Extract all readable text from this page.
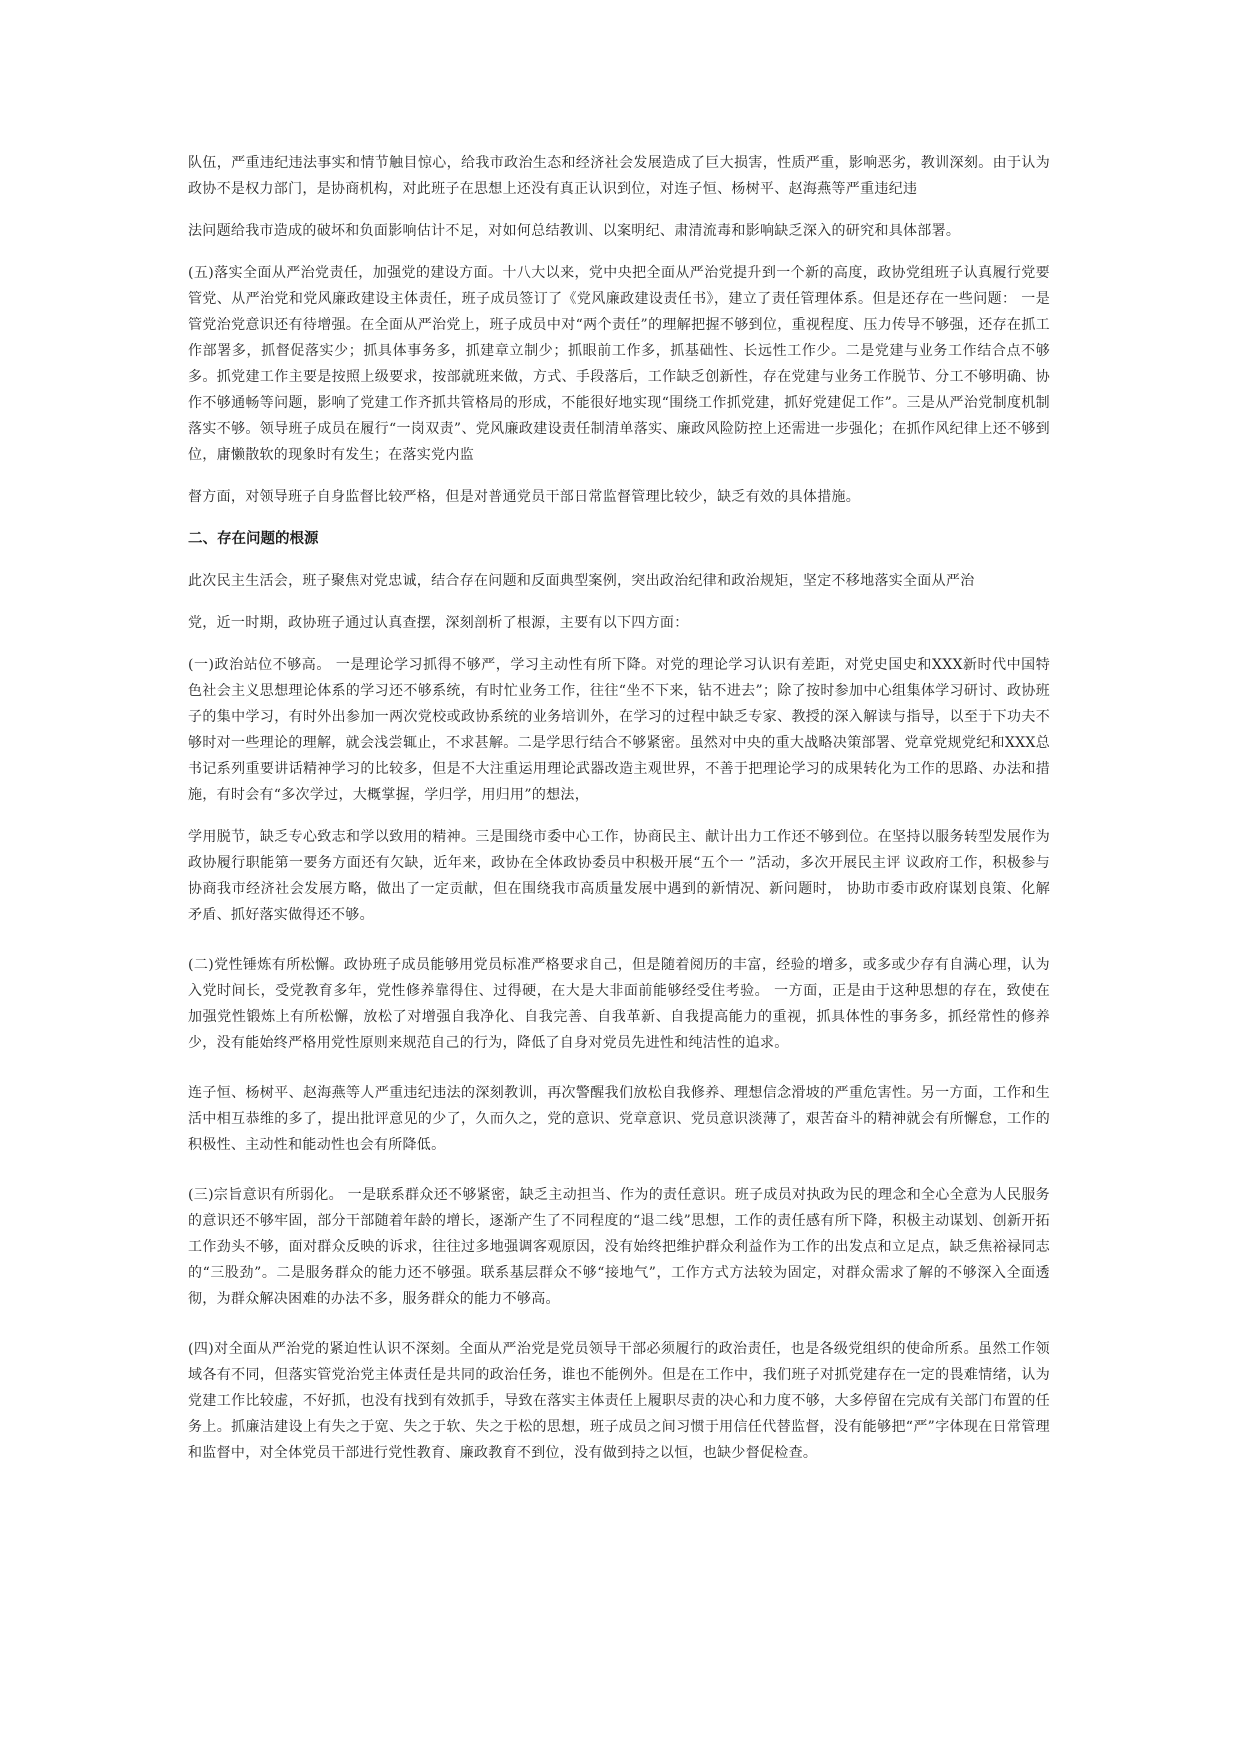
队伍，严重违纪违法事实和情节触目惊心，给我市政治生态和经济社会发展造成了巨大损害，性质严重，影响恶劣，教训深刻。由于认为政协不是权力部门，是协商机构，对此班子在思想上还没有真正认识到位，对连子恒、杨树平、赵海燕等严重违纪违

法问题给我市造成的破坏和负面影响估计不足，对如何总结教训、以案明纪、肃清流毒和影响缺乏深入的研究和具体部署。

(五)落实全面从严治党责任，加强党的建设方面。十八大以来，党中央把全面从严治党提升到一个新的高度，政协党组班子认真履行党要管党、从严治党和党风廉政建设主体责任，班子成员签订了《党风廉政建设责任书》，建立了责任管理体系。但是还存在一些问题： 一是管党治党意识还有待增强。在全面从严治党上，班子成员中对“两个责任”的理解把握不够到位，重视程度、压力传导不够强，还存在抓工作部署多，抓督促落实少；抓具体事务多，抓建章立制少；抓眼前工作多，抓基础性、长远性工作少。二是党建与业务工作结合点不够多。抓党建工作主要是按照上级要求，按部就班来做，方式、手段落后，工作缺乏创新性，存在党建与业务工作脱节、分工不够明确、协作不够通畅等问题，影响了党建工作齐抓共管格局的形成，不能很好地实现“围绕工作抓党建，抓好党建促工作”。三是从严治党制度机制落实不够。领导班子成员在履行“一岗双责”、党风廉政建设责任制清单落实、廉政风险防控上还需进一步强化；在抓作风纪律上还不够到位，庸懒散软的现象时有发生；在落实党内监

督方面，对领导班子自身监督比较严格，但是对普通党员干部日常监督管理比较少，缺乏有效的具体措施。

二、存在问题的根源

此次民主生活会，班子聚焦对党忠诚，结合存在问题和反面典型案例，突出政治纪律和政治规矩，坚定不移地落实全面从严治

党，近一时期，政协班子通过认真查摆，深刻剖析了根源，主要有以下四方面：

(一)政治站位不够高。 一是理论学习抓得不够严，学习主动性有所下降。对党的理论学习认识有差距，对党史国史和XXX新时代中国特色社会主义思想理论体系的学习还不够系统，有时忙业务工作，往往“坐不下来，钻不进去”；除了按时参加中心组集体学习研讨、政协班子的集中学习，有时外出参加一两次党校或政协系统的业务培训外，在学习的过程中缺乏专家、教授的深入解读与指导，以至于下功夫不够时对一些理论的理解，就会浅尝辄止，不求甚解。二是学思行结合不够紧密。虽然对中央的重大战略决策部署、党章党规党纪和XXX总书记系列重要讲话精神学习的比较多，但是不大注重运用理论武器改造主观世界，不善于把理论学习的成果转化为工作的思路、办法和措施，有时会有“多次学过，大概掌握，学归学，用归用”的想法，

学用脱节，缺乏专心致志和学以致用的精神。三是围绕市委中心工作，协商民主、献计出力工作还不够到位。在坚持以服务转型发展作为政协履行职能第一要务方面还有欠缺，近年来，政协在全体政协委员中积极开展“五个一 ”活动，多次开展民主评 议政府工作，积极参与协商我市经济社会发展方略，做出了一定贡献，但在围绕我市高质量发展中遇到的新情况、新问题时， 协助市委市政府谋划良策、化解矛盾、抓好落实做得还不够。

(二)党性锤炼有所松懈。政协班子成员能够用党员标准严格要求自己，但是随着阅历的丰富，经验的增多，或多或少存有自满心理，认为入党时间长，受党教育多年，党性修养靠得住、过得硬，在大是大非面前能够经受住考验。 一方面，正是由于这种思想的存在，致使在加强党性锻炼上有所松懈，放松了对增强自我净化、自我完善、自我革新、自我提高能力的重视，抓具体性的事务多，抓经常性的修养少，没有能始终严格用党性原则来规范自己的行为，降低了自身对党员先进性和纯洁性的追求。

连子恒、杨树平、赵海燕等人严重违纪违法的深刻教训，再次警醒我们放松自我修养、理想信念滑坡的严重危害性。另一方面，工作和生活中相互恭维的多了，提出批评意见的少了，久而久之，党的意识、党章意识、党员意识淡薄了，艰苦奋斗的精神就会有所懈怠，工作的积极性、主动性和能动性也会有所降低。

(三)宗旨意识有所弱化。 一是联系群众还不够紧密，缺乏主动担当、作为的责任意识。班子成员对执政为民的理念和全心全意为人民服务的意识还不够牢固，部分干部随着年龄的增长，逐渐产生了不同程度的“退二线”思想，工作的责任感有所下降，积极主动谋划、创新开拓工作劲头不够，面对群众反映的诉求，往往过多地强调客观原因，没有始终把维护群众利益作为工作的出发点和立足点，缺乏焦裕禄同志的“三股劲”。二是服务群众的能力还不够强。联系基层群众不够“接地气”，工作方式方法较为固定，对群众需求了解的不够深入全面透彻，为群众解决困难的办法不多，服务群众的能力不够高。

(四)对全面从严治党的紧迫性认识不深刻。全面从严治党是党员领导干部必须履行的政治责任，也是各级党组织的使命所系。虽然工作领域各有不同，但落实管党治党主体责任是共同的政治任务，谁也不能例外。但是在工作中，我们班子对抓党建存在一定的畏难情绪，认为党建工作比较虚，不好抓，也没有找到有效抓手，导致在落实主体责任上履职尽责的决心和力度不够，大多停留在完成有关部门布置的任务上。抓廉洁建设上有失之于宽、失之于软、失之于松的思想，班子成员之间习惯于用信任代替监督，没有能够把“严”字体现在日常管理和监督中，对全体党员干部进行党性教育、廉政教育不到位，没有做到持之以恒，也缺少督促检查。
